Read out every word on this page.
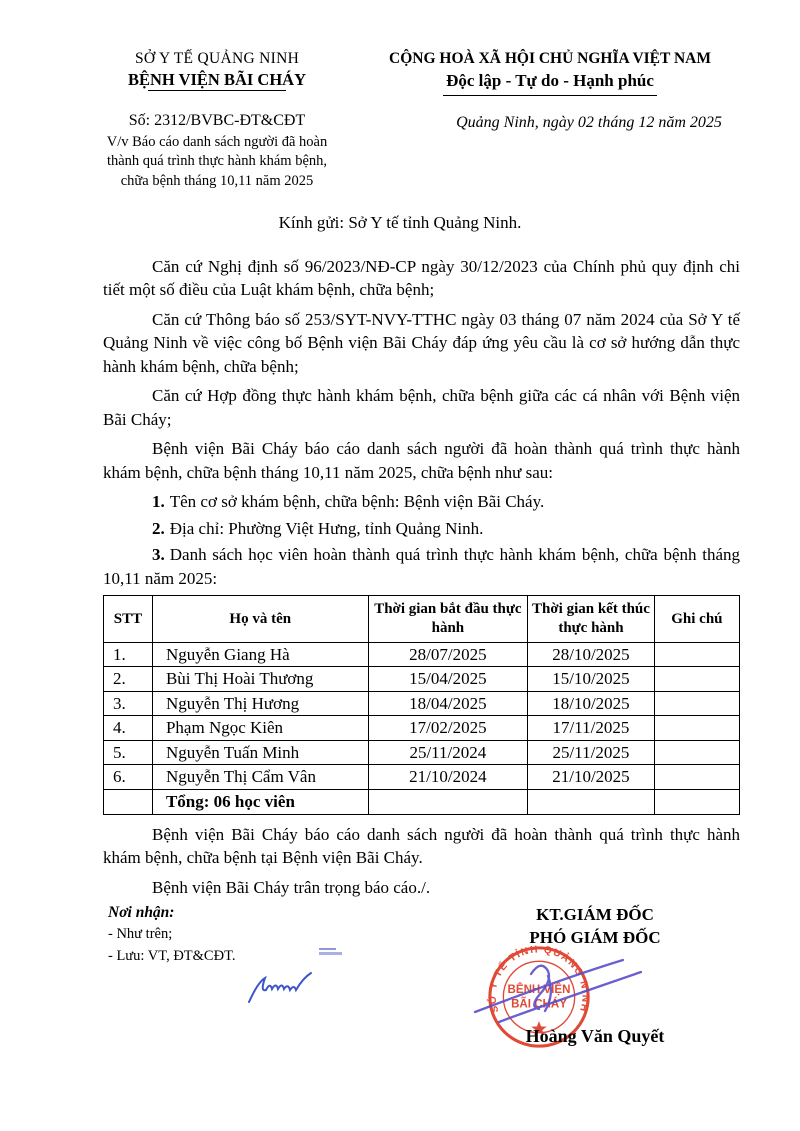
SỞ Y TẾ QUẢNG NINH
BỆNH VIỆN BÃI CHÁY
Số: 2312/BVBC-ĐT&CĐT
V/v Báo cáo danh sách người đã hoàn
thành quá trình thực hành khám bệnh,
chữa bệnh tháng 10,11 năm 2025
CỘNG HOÀ XÃ HỘI CHỦ NGHĨA VIỆT NAM
Độc lập - Tự do - Hạnh phúc
Quảng Ninh, ngày 02 tháng 12 năm 2025
Kính gửi: Sở Y tế tỉnh Quảng Ninh.

Căn cứ Nghị định số 96/2023/NĐ-CP ngày 30/12/2023 của Chính phủ quy định chi tiết một số điều của Luật khám bệnh, chữa bệnh;

Căn cứ Thông báo số 253/SYT-NVY-TTHC ngày 03 tháng 07 năm 2024 của Sở Y tế Quảng Ninh về việc công bố Bệnh viện Bãi Cháy đáp ứng yêu cầu là cơ sở hướng dẫn thực hành khám bệnh, chữa bệnh;

Căn cứ Hợp đồng thực hành khám bệnh, chữa bệnh giữa các cá nhân với Bệnh viện Bãi Cháy;

Bệnh viện Bãi Cháy báo cáo danh sách người đã hoàn thành quá trình thực hành khám bệnh, chữa bệnh tháng 10,11 năm 2025, chữa bệnh như sau:

1. Tên cơ sở khám bệnh, chữa bệnh: Bệnh viện Bãi Cháy.

2. Địa chỉ: Phường Việt Hưng, tỉnh Quảng Ninh.

3. Danh sách học viên hoàn thành quá trình thực hành khám bệnh, chữa bệnh tháng 10,11 năm 2025:

STT	Họ và tên	Thời gian bắt đầu thực hành	Thời gian kết thúc thực hành	Ghi chú
1.	Nguyễn Giang Hà	28/07/2025	28/10/2025	
2.	Bùi Thị Hoài Thương	15/04/2025	15/10/2025	
3.	Nguyễn Thị Hương	18/04/2025	18/10/2025	
4.	Phạm Ngọc Kiên	17/02/2025	17/11/2025	
5.	Nguyễn Tuấn Minh	25/11/2024	25/11/2025	
6.	Nguyễn Thị Cẩm Vân	21/10/2024	21/10/2025	
	Tổng: 06 học viên			

Bệnh viện Bãi Cháy báo cáo danh sách người đã hoàn thành quá trình thực hành khám bệnh, chữa bệnh tại Bệnh viện Bãi Cháy.

Bệnh viện Bãi Cháy trân trọng báo cáo./.

Nơi nhận:
- Như trên;
- Lưu: VT, ĐT&CĐT.
KT.GIÁM ĐỐC
PHÓ GIÁM ĐỐC
SỞ Y TẾ TỈNH QUẢNG NINH
BỆNH VIỆN
BÃI CHÁY
Hoàng Văn Quyết
